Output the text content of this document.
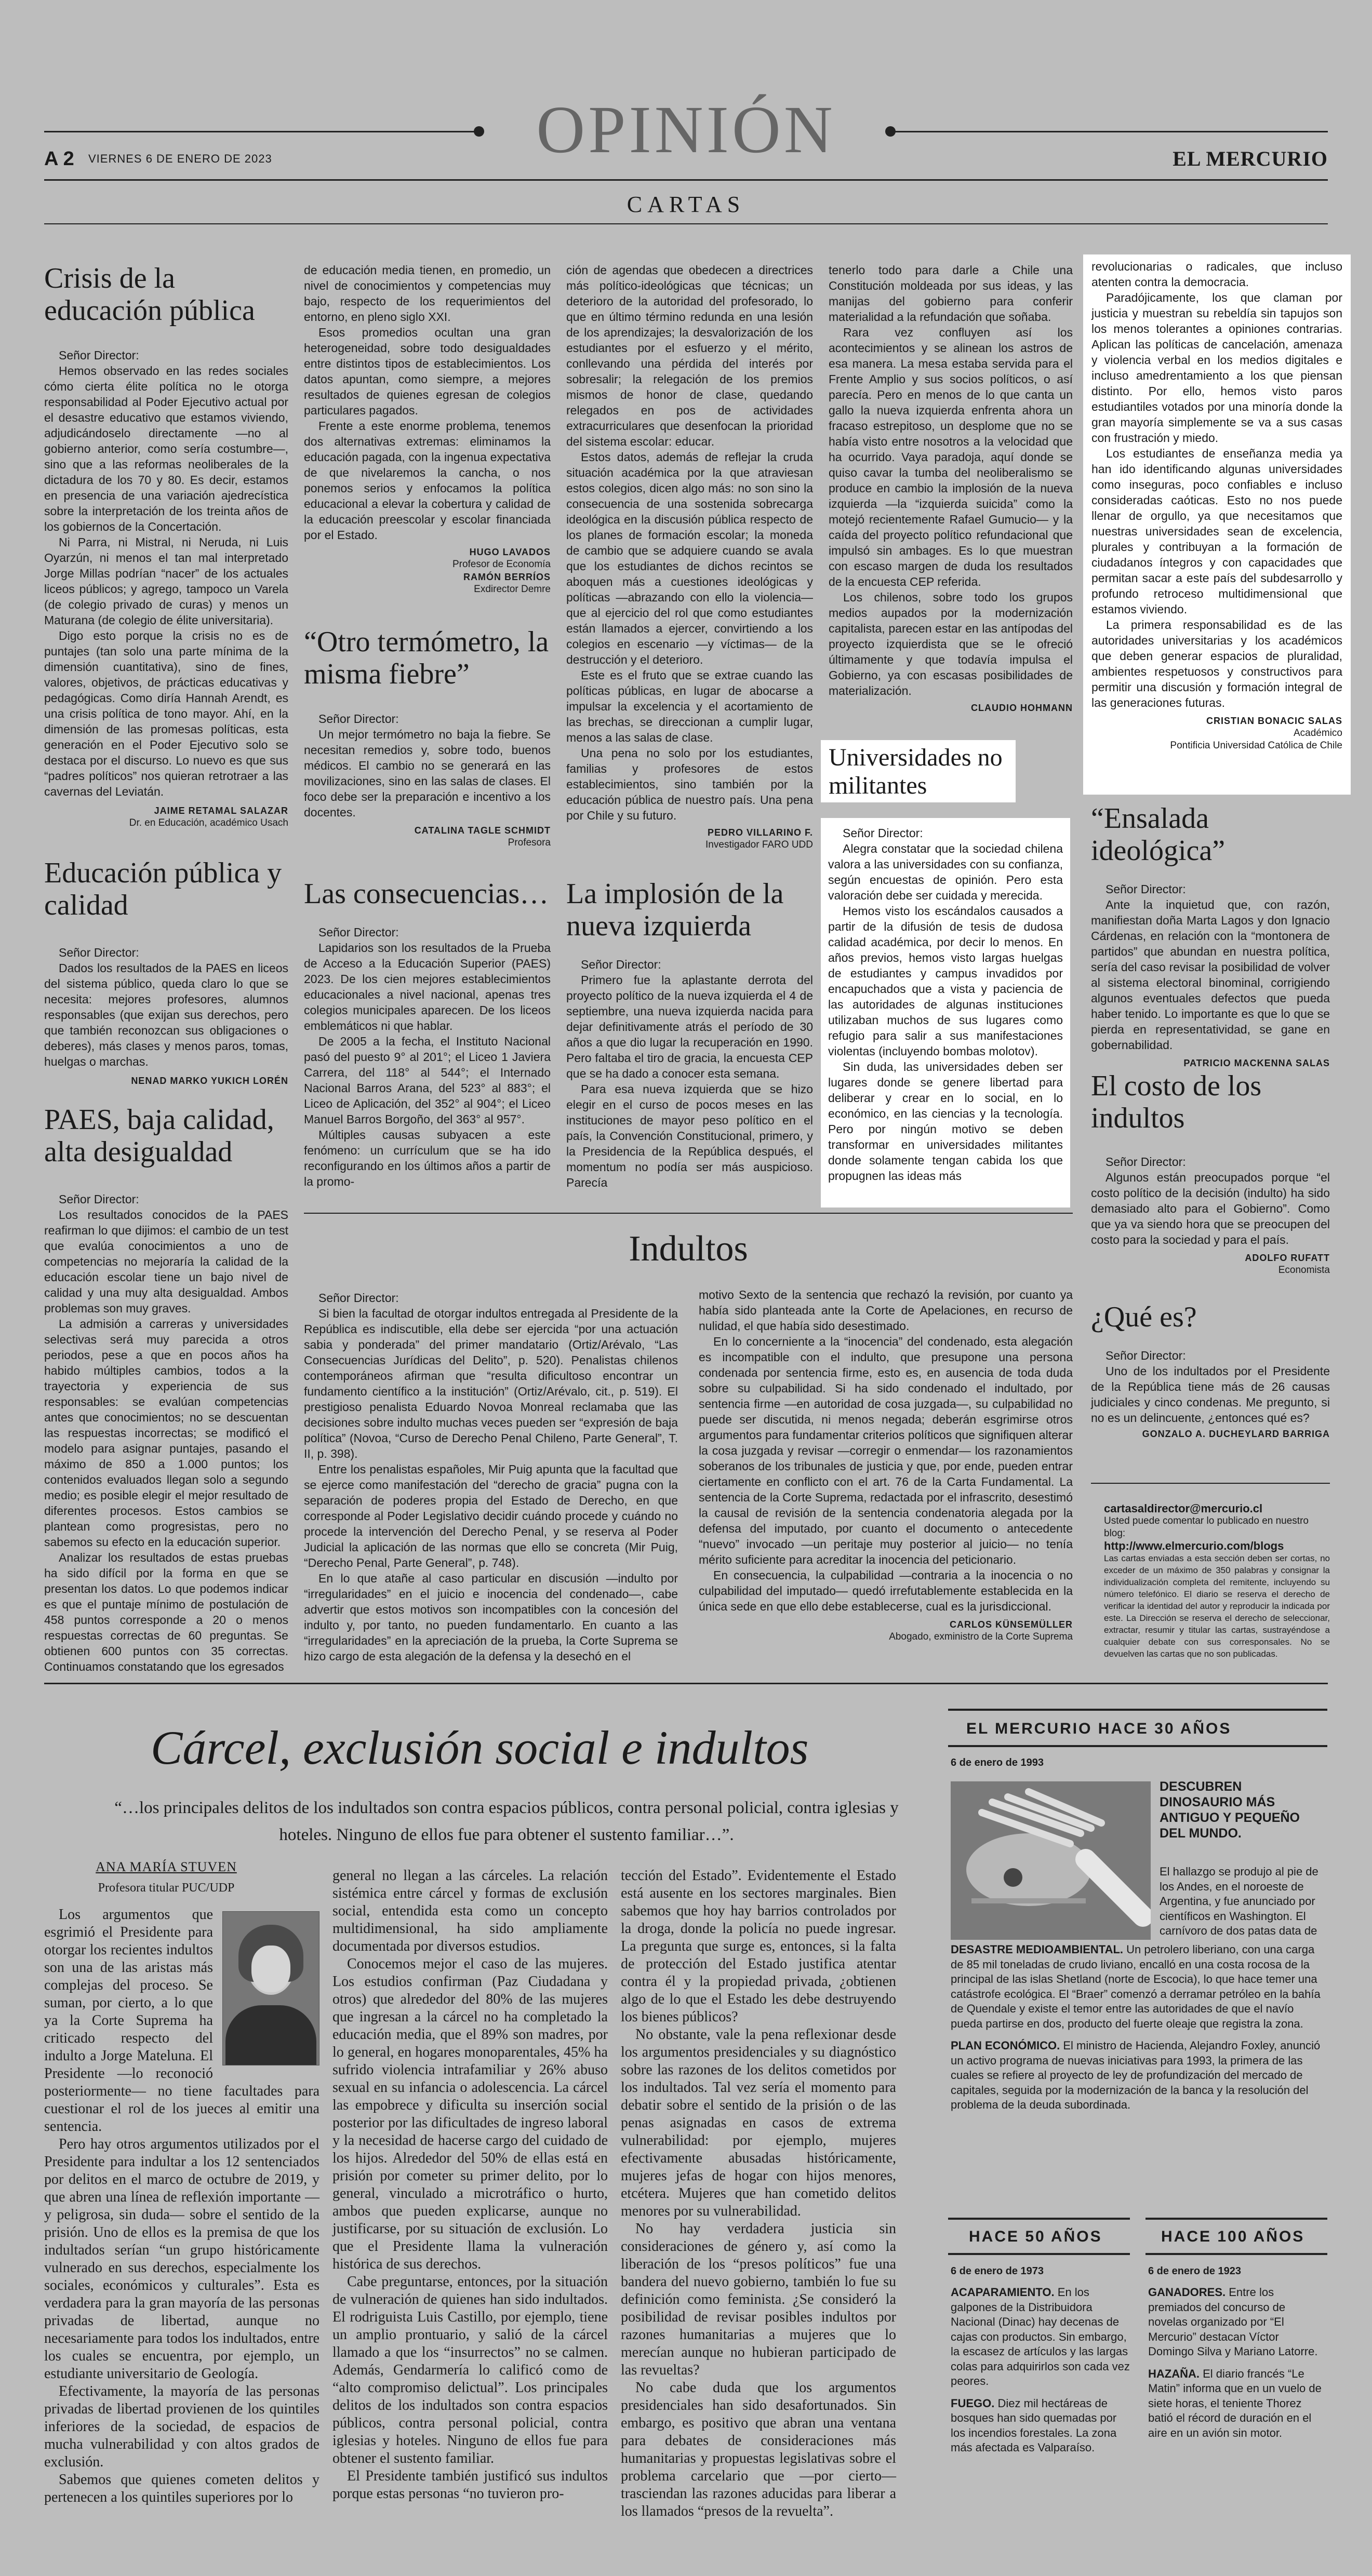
OPINIÓN
A 2 VIERNES 6 DE ENERO DE 2023	EL MERCURIO
CARTAS
Crisis de la educación pública

Señor Director:

Hemos observado en las redes sociales cómo cierta élite política no le otorga responsabilidad al Poder Ejecutivo actual por el desastre educativo que estamos viviendo, adjudicándoselo directamente —no al gobierno anterior, como sería costumbre—, sino que a las reformas neoliberales de la dictadura de los 70 y 80. Es decir, estamos en presencia de una variación ajedrecística sobre la interpretación de los treinta años de los gobiernos de la Concertación.

Ni Parra, ni Mistral, ni Neruda, ni Luis Oyarzún, ni menos el tan mal interpretado Jorge Millas podrían “nacer” de los actuales liceos públicos; y agrego, tampoco un Varela (de colegio privado de curas) y menos un Maturana (de colegio de élite universitaria).

Digo esto porque la crisis no es de puntajes (tan solo una parte mínima de la dimensión cuantitativa), sino de fines, valores, objetivos, de prácticas educativas y pedagógicas. Como diría Hannah Arendt, es una crisis política de tono mayor. Ahí, en la dimensión de las promesas políticas, esta generación en el Poder Ejecutivo solo se destaca por el discurso. Lo nuevo es que sus “padres políticos” nos quieran retrotraer a las cavernas del Leviatán.

JAIME RETAMAL SALAZAR
Dr. en Educación, académico Usach
Educación pública y calidad

Señor Director:

Dados los resultados de la PAES en liceos del sistema público, queda claro lo que se necesita: mejores profesores, alumnos responsables (que exijan sus derechos, pero que también reconozcan sus obligaciones o deberes), más clases y menos paros, tomas, huelgas o marchas.

NENAD MARKO YUKICH LORÉN
PAES, baja calidad, alta desigualdad

Señor Director:

Los resultados conocidos de la PAES reafirman lo que dijimos: el cambio de un test que evalúa conocimientos a uno de competencias no mejoraría la calidad de la educación escolar tiene un bajo nivel de calidad y una muy alta desigualdad. Ambos problemas son muy graves.

La admisión a carreras y universidades selectivas será muy parecida a otros periodos, pese a que en pocos años ha habido múltiples cambios, todos a la trayectoria y experiencia de sus responsables: se evalúan competencias antes que conocimientos; no se descuentan las respuestas incorrectas; se modificó el modelo para asignar puntajes, pasando el máximo de 850 a 1.000 puntos; los contenidos evaluados llegan solo a segundo medio; es posible elegir el mejor resultado de diferentes procesos. Estos cambios se plantean como progresistas, pero no sabemos su efecto en la educación superior.

Analizar los resultados de estas pruebas ha sido difícil por la forma en que se presentan los datos. Lo que podemos indicar es que el puntaje mínimo de postulación de 458 puntos corresponde a 20 o menos respuestas correctas de 60 preguntas. Se obtienen 600 puntos con 35 correctas. Continuamos constatando que los egresados

de educación media tienen, en promedio, un nivel de conocimientos y competencias muy bajo, respecto de los requerimientos del entorno, en pleno siglo XXI.

Esos promedios ocultan una gran heterogeneidad, sobre todo desigualdades entre distintos tipos de establecimientos. Los datos apuntan, como siempre, a mejores resultados de quienes egresan de colegios particulares pagados.

Frente a este enorme problema, tenemos dos alternativas extremas: eliminamos la educación pagada, con la ingenua expectativa de que nivelaremos la cancha, o nos ponemos serios y enfocamos la política educacional a elevar la cobertura y calidad de la educación preescolar y escolar financiada por el Estado.

HUGO LAVADOS
Profesor de Economía
RAMÓN BERRÍOS
Exdirector Demre
“Otro termómetro, la misma fiebre”

Señor Director:

Un mejor termómetro no baja la fiebre. Se necesitan remedios y, sobre todo, buenos médicos. El cambio no se generará en las movilizaciones, sino en las salas de clases. El foco debe ser la preparación e incentivo a los docentes.

CATALINA TAGLE SCHMIDT
Profesora
Las consecuencias…

Señor Director:

Lapidarios son los resultados de la Prueba de Acceso a la Educación Superior (PAES) 2023. De los cien mejores establecimientos educacionales a nivel nacional, apenas tres colegios municipales aparecen. De los liceos emblemáticos ni que hablar.

De 2005 a la fecha, el Instituto Nacional pasó del puesto 9° al 201°; el Liceo 1 Javiera Carrera, del 118° al 544°; el Internado Nacional Barros Arana, del 523° al 883°; el Liceo de Aplicación, del 352° al 904°; el Liceo Manuel Barros Borgoño, del 363° al 957°.

Múltiples causas subyacen a este fenómeno: un currículum que se ha ido reconfigurando en los últimos años a partir de la promo-

ción de agendas que obedecen a directrices más político-ideológicas que técnicas; un deterioro de la autoridad del profesorado, lo que en último término redunda en una lesión de los aprendizajes; la desvalorización de los estudiantes por el esfuerzo y el mérito, conllevando una pérdida del interés por sobresalir; la relegación de los premios mismos de honor de clase, quedando relegados en pos de actividades extracurriculares que desenfocan la prioridad del sistema escolar: educar.

Estos datos, además de reflejar la cruda situación académica por la que atraviesan estos colegios, dicen algo más: no son sino la consecuencia de una sostenida sobrecarga ideológica en la discusión pública respecto de los planes de formación escolar; la moneda de cambio que se adquiere cuando se avala que los estudiantes de dichos recintos se aboquen más a cuestiones ideológicas y políticas —abrazando con ello la violencia— que al ejercicio del rol que como estudiantes están llamados a ejercer, convirtiendo a los colegios en escenario —y víctimas— de la destrucción y el deterioro.

Este es el fruto que se extrae cuando las políticas públicas, en lugar de abocarse a impulsar la excelencia y el acortamiento de las brechas, se direccionan a cumplir lugar, menos a las salas de clase.

Una pena no solo por los estudiantes, familias y profesores de estos establecimientos, sino también por la educación pública de nuestro país. Una pena por Chile y su futuro.

PEDRO VILLARINO F.
Investigador FARO UDD
La implosión de la nueva izquierda

Señor Director:

Primero fue la aplastante derrota del proyecto político de la nueva izquierda el 4 de septiembre, una nueva izquierda nacida para dejar definitivamente atrás el período de 30 años a que dio lugar la recuperación en 1990. Pero faltaba el tiro de gracia, la encuesta CEP que se ha dado a conocer esta semana.

Para esa nueva izquierda que se hizo elegir en el curso de pocos meses en las instituciones de mayor peso político en el país, la Convención Constitucional, primero, y la Presidencia de la República después, el momentum no podía ser más auspicioso. Parecía

tenerlo todo para darle a Chile una Constitución moldeada por sus ideas, y las manijas del gobierno para conferir materialidad a la refundación que soñaba.

Rara vez confluyen así los acontecimientos y se alinean los astros de esa manera. La mesa estaba servida para el Frente Amplio y sus socios políticos, o así parecía. Pero en menos de lo que canta un gallo la nueva izquierda enfrenta ahora un fracaso estrepitoso, un desplome que no se había visto entre nosotros a la velocidad que ha ocurrido. Vaya paradoja, aquí donde se quiso cavar la tumba del neoliberalismo se produce en cambio la implosión de la nueva izquierda —la “izquierda suicida” como la motejó recientemente Rafael Gumucio— y la caída del proyecto político refundacional que impulsó sin ambages. Es lo que muestran con escaso margen de duda los resultados de la encuesta CEP referida.

Los chilenos, sobre todo los grupos medios aupados por la modernización capitalista, parecen estar en las antípodas del proyecto izquierdista que se le ofreció últimamente y que todavía impulsa el Gobierno, ya con escasas posibilidades de materialización.

CLAUDIO HOHMANN
Universidades no militantes

Señor Director:

Alegra constatar que la sociedad chilena valora a las universidades con su confianza, según encuestas de opinión. Pero esta valoración debe ser cuidada y merecida.

Hemos visto los escándalos causados a partir de la difusión de tesis de dudosa calidad académica, por decir lo menos. En años previos, hemos visto largas huelgas de estudiantes y campus invadidos por encapuchados que a vista y paciencia de las autoridades de algunas instituciones utilizaban muchos de sus lugares como refugio para salir a sus manifestaciones violentas (incluyendo bombas molotov).

Sin duda, las universidades deben ser lugares donde se genere libertad para deliberar y crear en lo social, en lo económico, en las ciencias y la tecnología. Pero por ningún motivo se deben transformar en universidades militantes donde solamente tengan cabida los que propugnen las ideas más

revolucionarias o radicales, que incluso atenten contra la democracia.

Paradójicamente, los que claman por justicia y muestran su rebeldía sin tapujos son los menos tolerantes a opiniones contrarias. Aplican las políticas de cancelación, amenaza y violencia verbal en los medios digitales e incluso amedrentamiento a los que piensan distinto. Por ello, hemos visto paros estudiantiles votados por una minoría donde la gran mayoría simplemente se va a sus casas con frustración y miedo.

Los estudiantes de enseñanza media ya han ido identificando algunas universidades como inseguras, poco confiables e incluso consideradas caóticas. Esto no nos puede llenar de orgullo, ya que necesitamos que nuestras universidades sean de excelencia, plurales y contribuyan a la formación de ciudadanos íntegros y con capacidades que permitan sacar a este país del subdesarrollo y profundo retroceso multidimensional que estamos viviendo.

La primera responsabilidad es de las autoridades universitarias y los académicos que deben generar espacios de pluralidad, ambientes respetuosos y constructivos para permitir una discusión y formación integral de las generaciones futuras.

CRISTIAN BONACIC SALAS
Académico
Pontificia Universidad Católica de Chile
“Ensalada ideológica”

Señor Director:

Ante la inquietud que, con razón, manifiestan doña Marta Lagos y don Ignacio Cárdenas, en relación con la “montonera de partidos” que abundan en nuestra política, sería del caso revisar la posibilidad de volver al sistema electoral binominal, corrigiendo algunos eventuales defectos que pueda haber tenido. Lo importante es que lo que se pierda en representatividad, se gane en gobernabilidad.

PATRICIO MACKENNA SALAS
El costo de los indultos

Señor Director:

Algunos están preocupados porque “el costo político de la decisión (indulto) ha sido demasiado alto para el Gobierno”. Como que ya va siendo hora que se preocupen del costo para la sociedad y para el país.

ADOLFO RUFATT
Economista
¿Qué es?

Señor Director:

Uno de los indultados por el Presidente de la República tiene más de 26 causas judiciales y cinco condenas. Me pregunto, si no es un delincuente, ¿entonces qué es?

GONZALO A. DUCHEYLARD BARRIGA
cartasaldirector@mercurio.cl
Usted puede comentar lo publicado en nuestro blog:
http://www.elmercurio.com/blogs
Las cartas enviadas a esta sección deben ser cortas, no exceder de un máximo de 350 palabras y consignar la individualización completa del remitente, incluyendo su número telefónico. El diario se reserva el derecho de verificar la identidad del autor y reproducir la indicada por este. La Dirección se reserva el derecho de seleccionar, extractar, resumir y titular las cartas, sustrayéndose a cualquier debate con sus corresponsales. No se devuelven las cartas que no son publicadas.
Indultos

Señor Director:

Si bien la facultad de otorgar indultos entregada al Presidente de la República es indiscutible, ella debe ser ejercida “por una actuación sabia y ponderada” del primer mandatario (Ortiz/Arévalo, “Las Consecuencias Jurídicas del Delito”, p. 520). Penalistas chilenos contemporáneos afirman que “resulta dificultoso encontrar un fundamento científico a la institución” (Ortiz/Arévalo, cit., p. 519). El prestigioso penalista Eduardo Novoa Monreal reclamaba que las decisiones sobre indulto muchas veces pueden ser “expresión de baja política” (Novoa, “Curso de Derecho Penal Chileno, Parte General”, T. II, p. 398).

Entre los penalistas españoles, Mir Puig apunta que la facultad que se ejerce como manifestación del “derecho de gracia” pugna con la separación de poderes propia del Estado de Derecho, en que corresponde al Poder Legislativo decidir cuándo procede y cuándo no procede la intervención del Derecho Penal, y se reserva al Poder Judicial la aplicación de las normas que ello se concreta (Mir Puig, “Derecho Penal, Parte General”, p. 748).

En lo que atañe al caso particular en discusión —indulto por “irregularidades” en el juicio e inocencia del condenado—, cabe advertir que estos motivos son incompatibles con la concesión del indulto y, por tanto, no pueden fundamentarlo. En cuanto a las “irregularidades” en la apreciación de la prueba, la Corte Suprema se hizo cargo de esta alegación de la defensa y la desechó en el

motivo Sexto de la sentencia que rechazó la revisión, por cuanto ya había sido planteada ante la Corte de Apelaciones, en recurso de nulidad, el que había sido desestimado.

En lo concerniente a la “inocencia” del condenado, esta alegación es incompatible con el indulto, que presupone una persona condenada por sentencia firme, esto es, en ausencia de toda duda sobre su culpabilidad. Si ha sido condenado el indultado, por sentencia firme —en autoridad de cosa juzgada—, su culpabilidad no puede ser discutida, ni menos negada; deberán esgrimirse otros argumentos para fundamentar criterios políticos que signifiquen alterar la cosa juzgada y revisar —corregir o enmendar— los razonamientos soberanos de los tribunales de justicia y que, por ende, pueden entrar ciertamente en conflicto con el art. 76 de la Carta Fundamental. La sentencia de la Corte Suprema, redactada por el infrascrito, desestimó la causal de revisión de la sentencia condenatoria alegada por la defensa del imputado, por cuanto el documento o antecedente “nuevo” invocado —un peritaje muy posterior al juicio— no tenía mérito suficiente para acreditar la inocencia del peticionario.

En consecuencia, la culpabilidad —contraria a la inocencia o no culpabilidad del imputado— quedó irrefutablemente establecida en la única sede en que ello debe establecerse, cual es la jurisdiccional.

CARLOS KÜNSEMÜLLER
Abogado, exministro de la Corte Suprema
Cárcel, exclusión social e indultos
“…los principales delitos de los indultados son contra espacios públicos, contra personal policial, contra iglesias y hoteles. Ninguno de ellos fue para obtener el sustento familiar…”.
ANA MARÍA STUVEN
Profesora titular PUC/UDP

Los argumentos que esgrimió el Presidente para otorgar los recientes indultos son una de las aristas más complejas del proceso. Se suman, por cierto, a lo que ya la Corte Suprema ha criticado respecto del indulto a Jorge Mateluna. El Presidente —lo reconoció posteriormente— no tiene facultades para cuestionar el rol de los jueces al emitir una sentencia.

Pero hay otros argumentos utilizados por el Presidente para indultar a los 12 sentenciados por delitos en el marco de octubre de 2019, y que abren una línea de reflexión importante —y peligrosa, sin duda— sobre el sentido de la prisión. Uno de ellos es la premisa de que los indultados serían “un grupo históricamente vulnerado en sus derechos, especialmente los sociales, económicos y culturales”. Esta es verdadera para la gran mayoría de las personas privadas de libertad, aunque no necesariamente para todos los indultados, entre los cuales se encuentra, por ejemplo, un estudiante universitario de Geología.

Efectivamente, la mayoría de las personas privadas de libertad provienen de los quintiles inferiores de la sociedad, de espacios de mucha vulnerabilidad y con altos grados de exclusión.

Sabemos que quienes cometen delitos y pertenecen a los quintiles superiores por lo

general no llegan a las cárceles. La relación sistémica entre cárcel y formas de exclusión social, entendida esta como un concepto multidimensional, ha sido ampliamente documentada por diversos estudios.

Conocemos mejor el caso de las mujeres. Los estudios confirman (Paz Ciudadana y otros) que alrededor del 80% de las mujeres que ingresan a la cárcel no ha completado la educación media, que el 89% son madres, por lo general, en hogares monoparentales, 45% ha sufrido violencia intrafamiliar y 26% abuso sexual en su infancia o adolescencia. La cárcel las empobrece y dificulta su inserción social posterior por las dificultades de ingreso laboral y la necesidad de hacerse cargo del cuidado de los hijos. Alrededor del 50% de ellas está en prisión por cometer su primer delito, por lo general, vinculado a microtráfico o hurto, ambos que pueden explicarse, aunque no justificarse, por su situación de exclusión. Lo que el Presidente llama la vulneración histórica de sus derechos.

Cabe preguntarse, entonces, por la situación de vulneración de quienes han sido indultados. El rodriguista Luis Castillo, por ejemplo, tiene un amplio prontuario, y salió de la cárcel llamado a que los “insurrectos” no se calmen. Además, Gendarmería lo calificó como de “alto compromiso delictual”. Los principales delitos de los indultados son contra espacios públicos, contra personal policial, contra iglesias y hoteles. Ninguno de ellos fue para obtener el sustento familiar.

El Presidente también justificó sus indultos porque estas personas “no tuvieron pro-

tección del Estado”. Evidentemente el Estado está ausente en los sectores marginales. Bien sabemos que hoy hay barrios controlados por la droga, donde la policía no puede ingresar. La pregunta que surge es, entonces, si la falta de protección del Estado justifica atentar contra él y la propiedad privada, ¿obtienen algo de lo que el Estado les debe destruyendo los bienes públicos?

No obstante, vale la pena reflexionar desde los argumentos presidenciales y su diagnóstico sobre las razones de los delitos cometidos por los indultados. Tal vez sería el momento para debatir sobre el sentido de la prisión o de las penas asignadas en casos de extrema vulnerabilidad: por ejemplo, mujeres efectivamente abusadas históricamente, mujeres jefas de hogar con hijos menores, etcétera. Mujeres que han cometido delitos menores por su vulnerabilidad.

No hay verdadera justicia sin consideraciones de género y, así como la liberación de los “presos políticos” fue una bandera del nuevo gobierno, también lo fue su definición como feminista. ¿Se consideró la posibilidad de revisar posibles indultos por razones humanitarias a mujeres que lo merecían aunque no hubieran participado de las revueltas?

No cabe duda que los argumentos presidenciales han sido desafortunados. Sin embargo, es positivo que abran una ventana para debates de consideraciones más humanitarias y propuestas legislativas sobre el problema carcelario que —por cierto— trasciendan las razones aducidas para liberar a los llamados “presos de la revuelta”.

EL MERCURIO HACE 30 AÑOS
6 de enero de 1993
DESCUBREN DINOSAURIO MÁS ANTIGUO Y PEQUEÑO DEL MUNDO.
El hallazgo se produjo al pie de los Andes, en el noroeste de Argentina, y fue anunciado por científicos en Washington. El carnívoro de dos patas data de

DESASTRE MEDIOAMBIENTAL. Un petrolero liberiano, con una carga de 85 mil toneladas de crudo liviano, encalló en una costa rocosa de la principal de las islas Shetland (norte de Escocia), lo que hace temer una catástrofe ecológica. El “Braer” comenzó a derramar petróleo en la bahía de Quendale y existe el temor entre las autoridades de que el navío pueda partirse en dos, producto del fuerte oleaje que registra la zona.

PLAN ECONÓMICO. El ministro de Hacienda, Alejandro Foxley, anunció un activo programa de nuevas iniciativas para 1993, la primera de las cuales se refiere al proyecto de ley de profundización del mercado de capitales, seguida por la modernización de la banca y la resolución del problema de la deuda subordinada.

HACE 50 AÑOS
6 de enero de 1973

ACAPARAMIENTO. En los galpones de la Distribuidora Nacional (Dinac) hay decenas de cajas con productos. Sin embargo, la escasez de artículos y las largas colas para adquirirlos son cada vez peores.

FUEGO. Diez mil hectáreas de bosques han sido quemadas por los incendios forestales. La zona más afectada es Valparaíso.

HACE 100 AÑOS
6 de enero de 1923

GANADORES. Entre los premiados del concurso de novelas organizado por “El Mercurio” destacan Víctor Domingo Silva y Mariano Latorre.

HAZAÑA. El diario francés “Le Matin” informa que en un vuelo de siete horas, el teniente Thorez batió el récord de duración en el aire en un avión sin motor.
